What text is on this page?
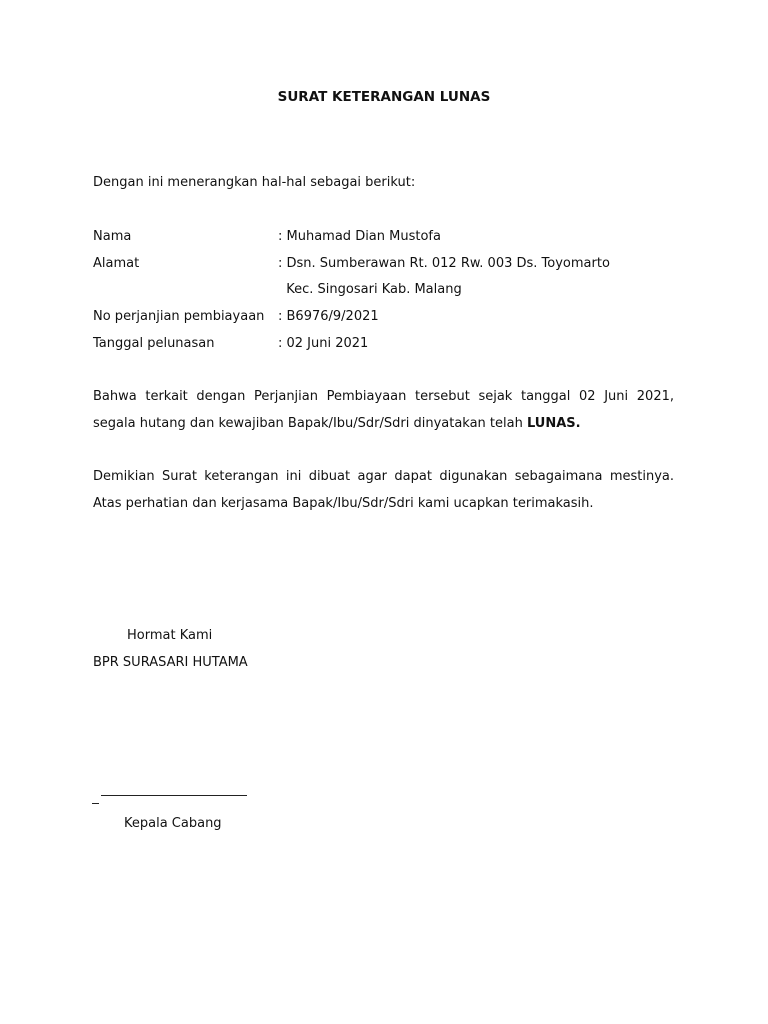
SURAT KETERANGAN LUNAS
Dengan ini menerangkan hal-hal sebagai berikut:
Nama	: Muhamad Dian Mustofa
Alamat	: Dsn. Sumberawan Rt. 012 Rw. 003 Ds. Toyomarto
Kec. Singosari Kab. Malang
No perjanjian pembiayaan	: B6976/9/2021
Tanggal pelunasan	: 02 Juni 2021
Bahwa terkait dengan Perjanjian Pembiayaan tersebut sejak tanggal 02 Juni 2021, segala hutang dan kewajiban Bapak/Ibu/Sdr/Sdri dinyatakan telah LUNAS.
Demikian Surat keterangan ini dibuat agar dapat digunakan sebagaimana mestinya. Atas perhatian dan kerjasama Bapak/Ibu/Sdr/Sdri kami ucapkan terimakasih.
Hormat Kami
BPR SURASARI HUTAMA
Kepala Cabang
